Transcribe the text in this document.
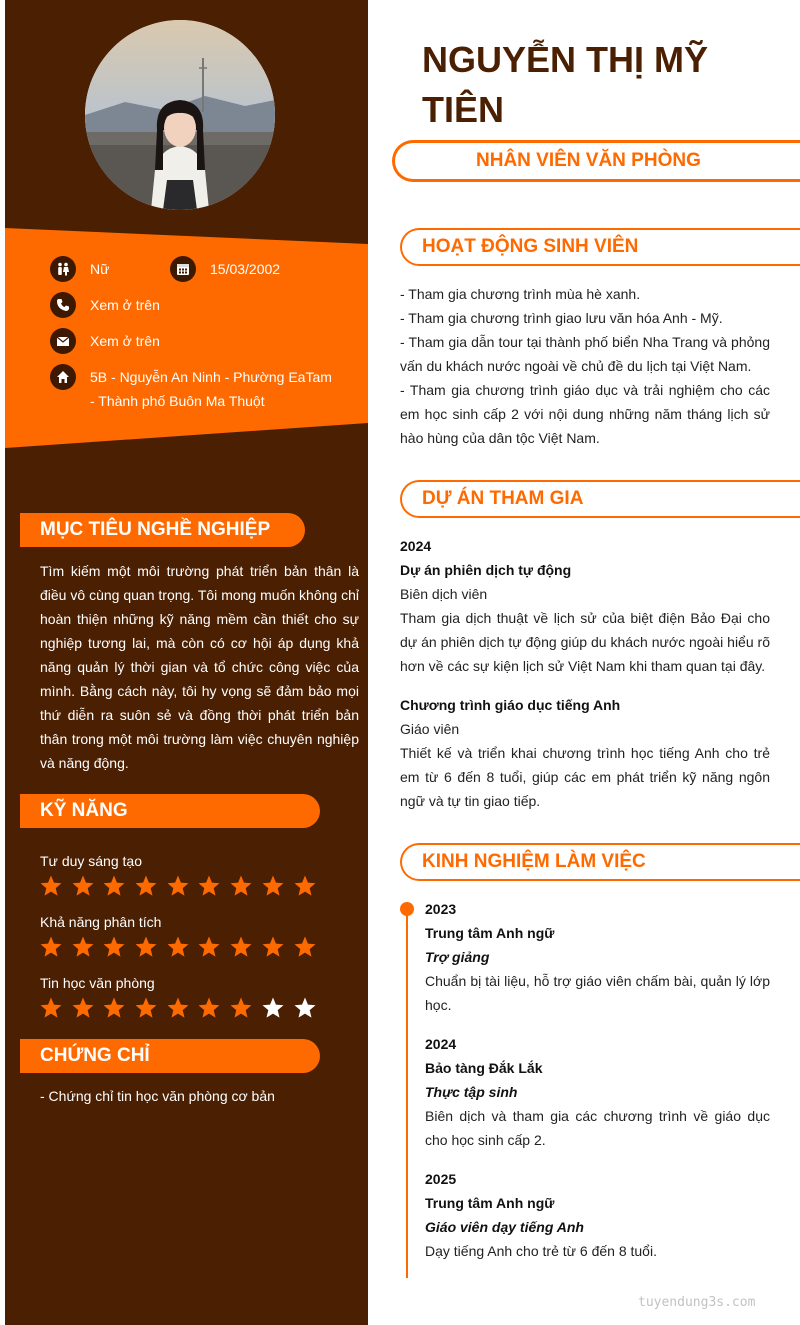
Nữ	15/03/2002
Xem ở trên
Xem ở trên
5B - Nguyễn An Ninh - Phường EaTam - Thành phố Buôn Ma Thuột
MỤC TIÊU NGHỀ NGHIỆP

Tìm kiếm một môi trường phát triển bản thân là điều vô cùng quan trọng. Tôi mong muốn không chỉ hoàn thiện những kỹ năng mềm cần thiết cho sự nghiệp tương lai, mà còn có cơ hội áp dụng khả năng quản lý thời gian và tổ chức công việc của mình. Bằng cách này, tôi hy vọng sẽ đảm bảo mọi thứ diễn ra suôn sẻ và đồng thời phát triển bản thân trong một môi trường làm việc chuyên nghiệp và năng động.

KỸ NĂNG
Tư duy sáng tạo
Khả năng phân tích
Tin học văn phòng
CHỨNG CHỈ

- Chứng chỉ tin học văn phòng cơ bản

NGUYỄN THỊ MỸ TIÊN
NHÂN VIÊN VĂN PHÒNG
HOẠT ĐỘNG SINH VIÊN

- Tham gia chương trình mùa hè xanh.

- Tham gia chương trình giao lưu văn hóa Anh - Mỹ.

- Tham gia dẫn tour tại thành phố biển Nha Trang và phỏng vấn du khách nước ngoài về chủ đề du lịch tại Việt Nam.

- Tham gia chương trình giáo dục và trải nghiệm cho các em học sinh cấp 2 với nội dung những năm tháng lịch sử hào hùng của dân tộc Việt Nam.

DỰ ÁN THAM GIA

2024

Dự án phiên dịch tự động

Biên dịch viên

Tham gia dịch thuật về lịch sử của biệt điện Bảo Đại cho dự án phiên dịch tự động giúp du khách nước ngoài hiểu rõ hơn về các sự kiện lịch sử Việt Nam khi tham quan tại đây.

Chương trình giáo dục tiếng Anh

Giáo viên

Thiết kế và triển khai chương trình học tiếng Anh cho trẻ em từ 6 đến 8 tuổi, giúp các em phát triển kỹ năng ngôn ngữ và tự tin giao tiếp.

KINH NGHIỆM LÀM VIỆC

2023

Trung tâm Anh ngữ

Trợ giảng

Chuẩn bị tài liệu, hỗ trợ giáo viên chấm bài, quản lý lớp học.

2024

Bảo tàng Đắk Lắk

Thực tập sinh

Biên dịch và tham gia các chương trình về giáo dục cho học sinh cấp 2.

2025

Trung tâm Anh ngữ

Giáo viên dạy tiếng Anh

Dạy tiếng Anh cho trẻ từ 6 đến 8 tuổi.

tuyendung3s.com
